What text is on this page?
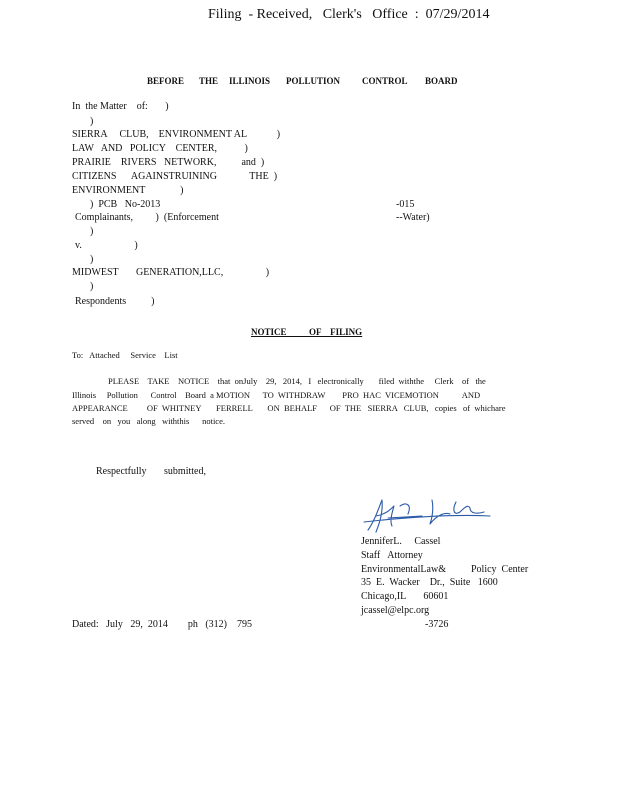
Filing  - Received,   Clerk's   Office  :  07/29/2014
BEFORE THE ILLINOIS POLLUTION CONTROL BOARD
In  the Matter    of:       )
)
SIERRA     CLUB,    ENVIRONMENT AL            )
LAW   AND   POLICY    CENTER,           )
PRAIRIE    RIVERS   NETWORK,          and  )
CITIZENS      AGAINSTRUINING             THE  )
ENVIRONMENT              )
)  PCB   No-2013	-015
Complainants,         )  (Enforcement	--Water)
)
v.                     )
)
MIDWEST       GENERATION,LLC,                 )
)
Respondents          )
NOTICE          OF    FILING
To:   Attached     Service    List
PLEASE    TAKE    NOTICE    that  onJuly    29,   2014,   I   electronically       filed  withthe     Clerk    of   the
Illinois     Pollution      Control    Board  a MOTION      TO  WITHDRAW        PRO  HAC  VICEMOTION           AND
APPEARANCE         OF  WHITNEY       FERRELL       ON  BEHALF      OF  THE   SIERRA   CLUB,   copies   of  whichare
served    on   you   along   withthis      notice.
Respectfully       submitted,
JenniferL.     Cassel
Staff   Attorney
EnvironmentalLaw&          Policy  Center
35  E.  Wacker    Dr.,  Suite   1600
Chicago,IL       60601
jcassel@elpc.org
-3726
Dated:   July   29,  2014        ph   (312)    795
